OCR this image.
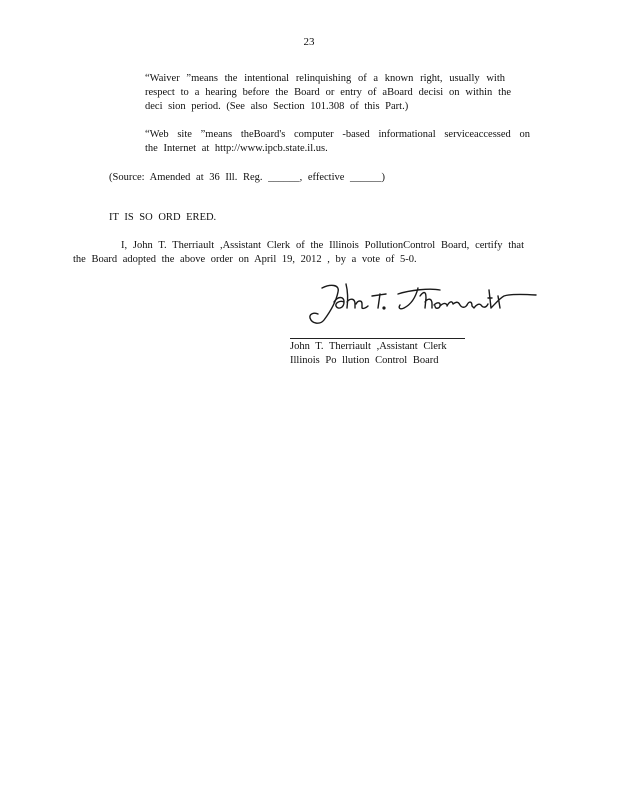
23
“Waiver ”means the intentional relinquishing of a known right, usually with
respect to a hearing before the Board or entry of aBoard decisi on within the
deci sion period. (See also Section 101.308 of this Part.)
“Web site ”means theBoard's computer -based informational serviceaccessed on
the Internet at http://www.ipcb.state.il.us.
(Source: Amended at 36 Ill. Reg. ______, effective ______)
IT IS SO ORD ERED.
I, John T. Therriault ,Assistant Clerk of the Illinois PollutionControl Board, certify that
the Board adopted the above order on April 19, 2012 , by a vote of 5-0.
John T. Therriault ,Assistant Clerk
Illinois Po llution Control Board
